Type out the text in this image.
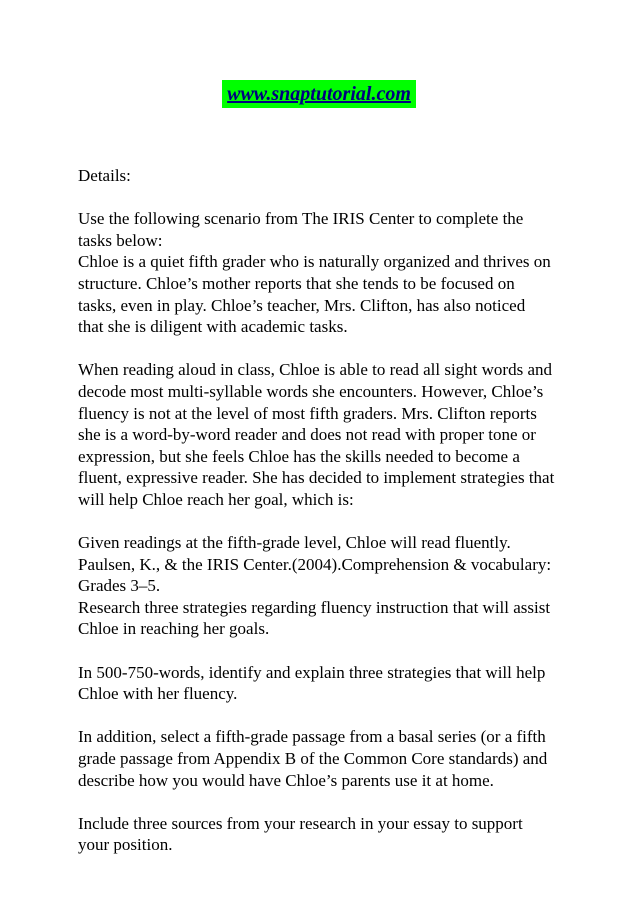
www.snaptutorial.com
Details:
Use the following scenario from The IRIS Center to complete the
tasks below:
Chloe is a quiet fifth grader who is naturally organized and thrives on
structure. Chloe’s mother reports that she tends to be focused on
tasks, even in play. Chloe’s teacher, Mrs. Clifton, has also noticed
that she is diligent with academic tasks.
When reading aloud in class, Chloe is able to read all sight words and
decode most multi-syllable words she encounters. However, Chloe’s
fluency is not at the level of most fifth graders. Mrs. Clifton reports
she is a word-by-word reader and does not read with proper tone or
expression, but she feels Chloe has the skills needed to become a
fluent, expressive reader. She has decided to implement strategies that
will help Chloe reach her goal, which is:
Given readings at the fifth-grade level, Chloe will read fluently.
Paulsen, K., & the IRIS Center.(2004).Comprehension & vocabulary:
Grades 3–5.
Research three strategies regarding fluency instruction that will assist
Chloe in reaching her goals.
In 500-750-words, identify and explain three strategies that will help
Chloe with her fluency.
In addition, select a fifth-grade passage from a basal series (or a fifth
grade passage from Appendix B of the Common Core standards) and
describe how you would have Chloe’s parents use it at home.
Include three sources from your research in your essay to support
your position.
